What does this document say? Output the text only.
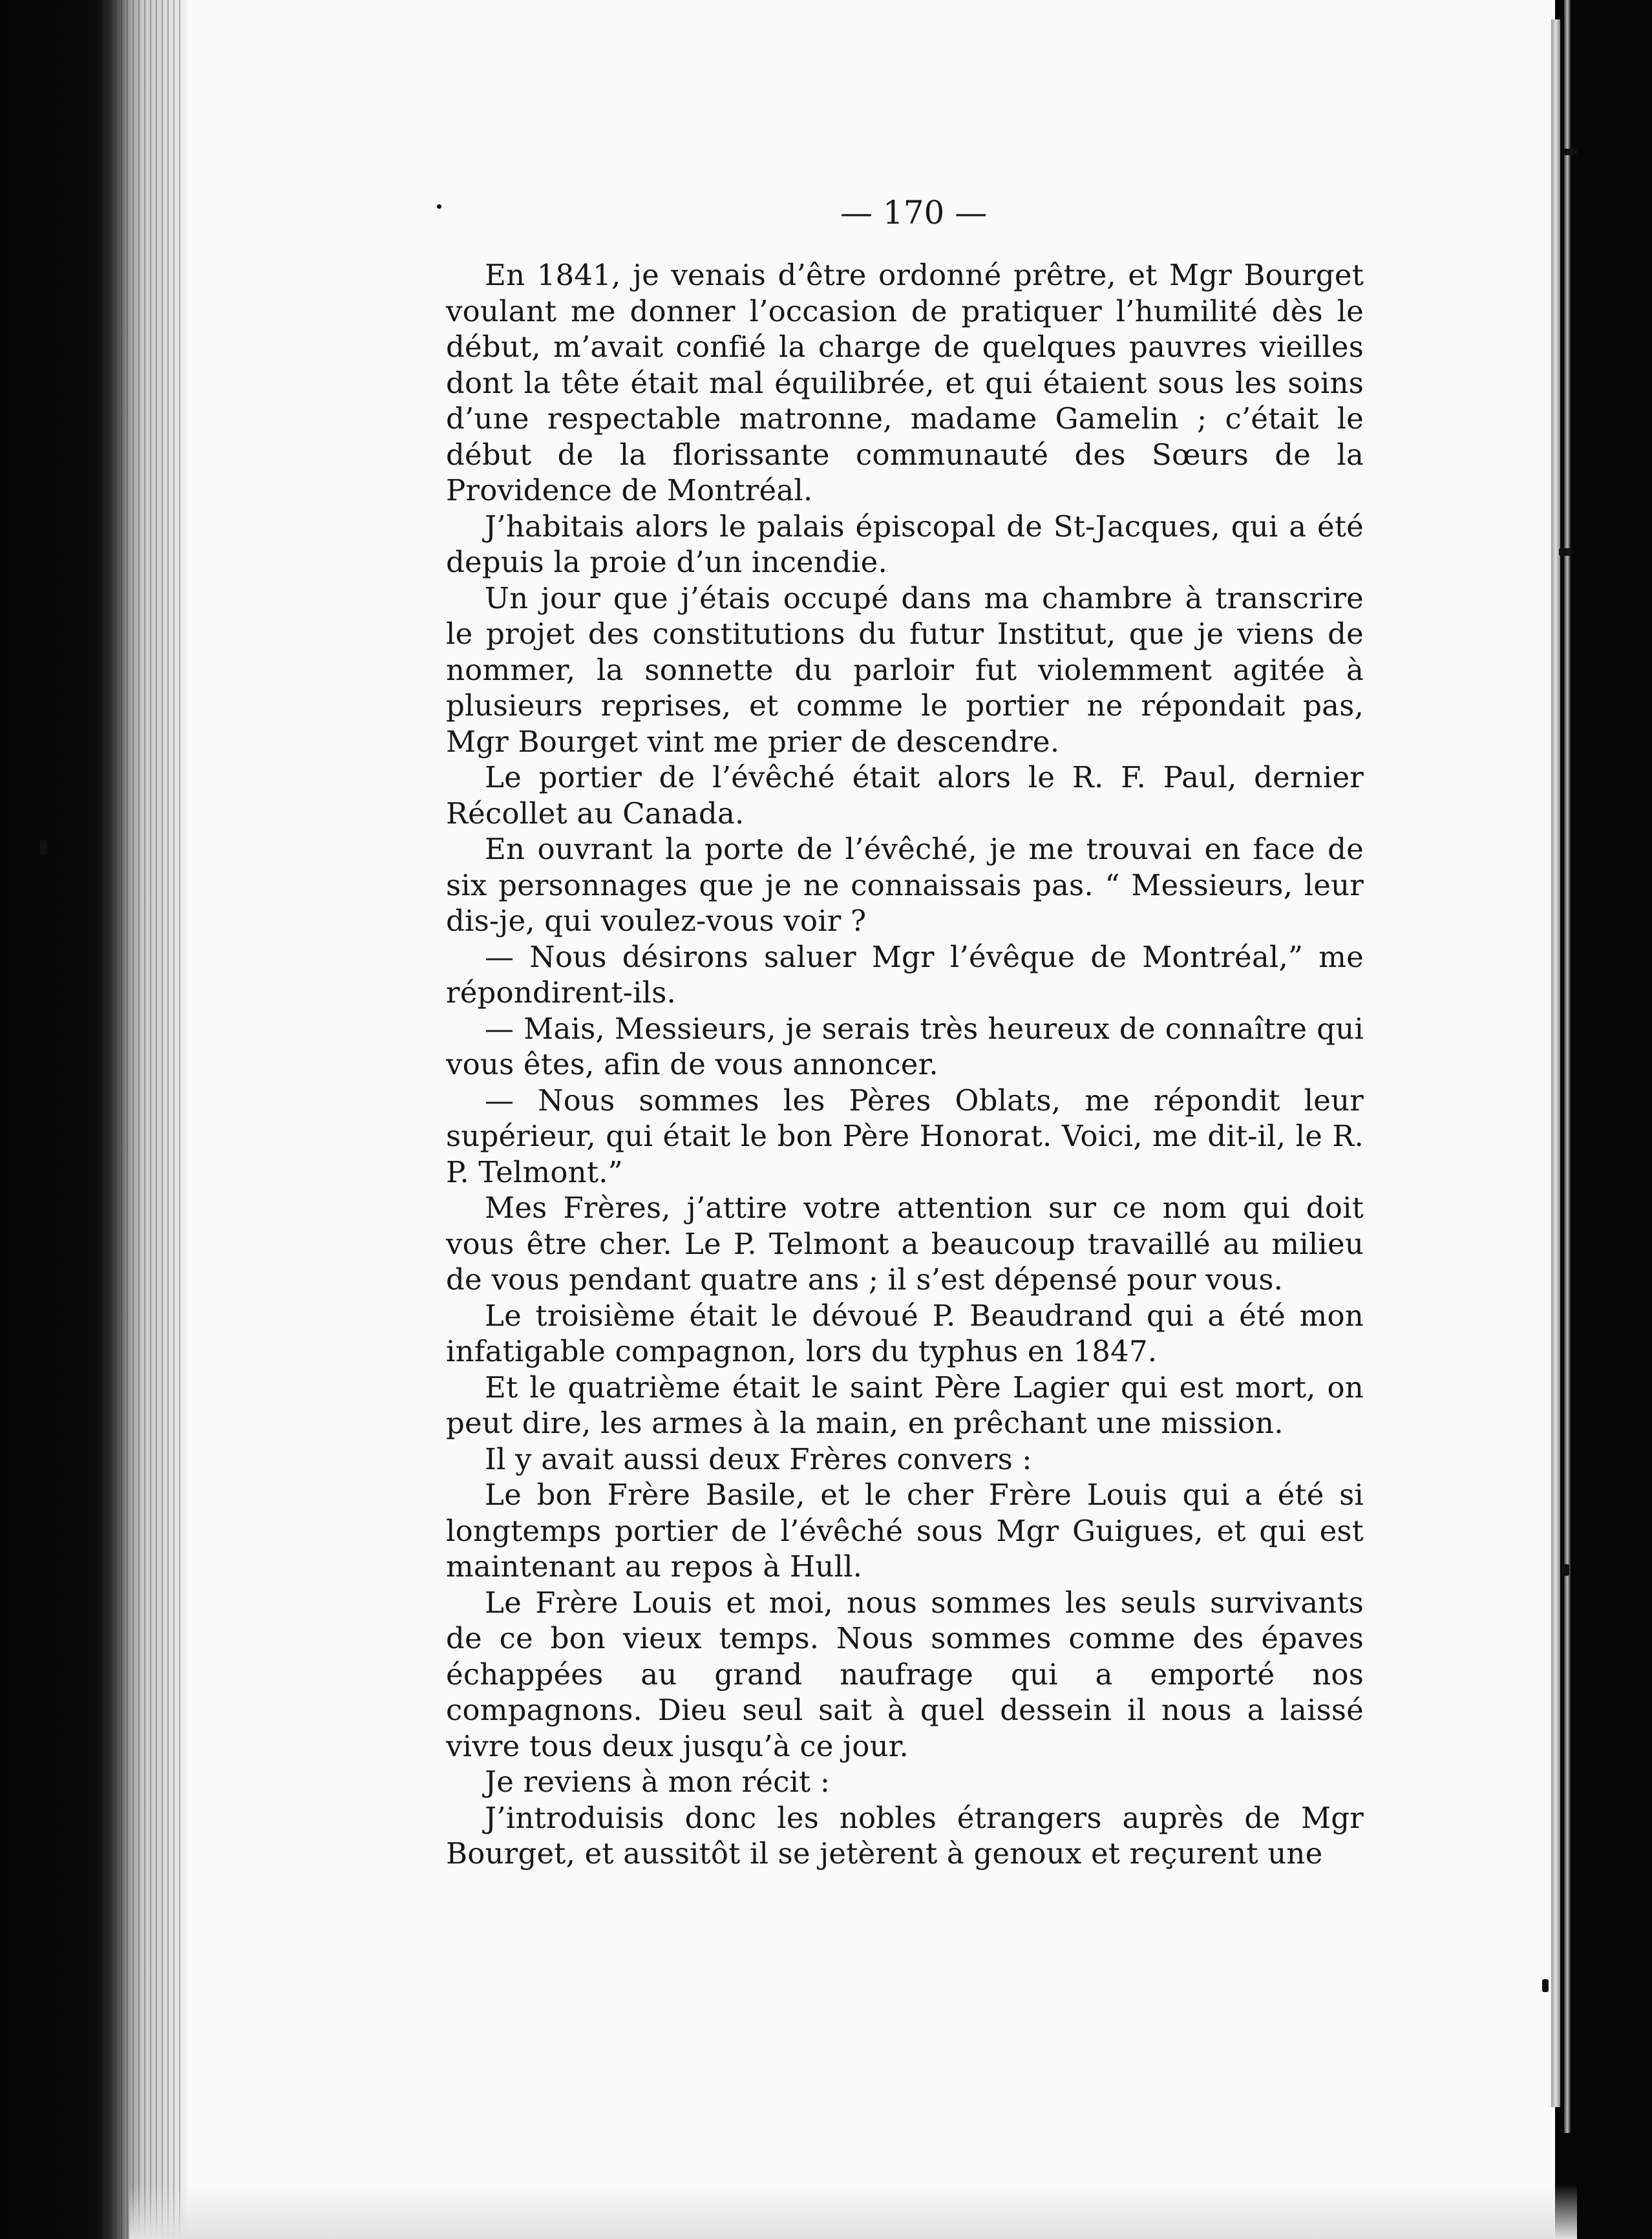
— 170 —

En 1841, je venais d’être ordonné prêtre, et Mgr Bourget voulant me donner l’occasion de pratiquer l’humilité dès le début, m’avait confié la charge de quelques pauvres vieilles dont la tête était mal équilibrée, et qui étaient sous les soins d’une respectable matronne, madame Gamelin ; c’était le début de la florissante communauté des Sœurs de la Providence de Montréal.

J’habitais alors le palais épiscopal de St-Jacques, qui a été depuis la proie d’un incendie.

Un jour que j’étais occupé dans ma chambre à transcrire le projet des constitutions du futur Institut, que je viens de nommer, la sonnette du parloir fut violemment agitée à plusieurs reprises, et comme le portier ne répondait pas, Mgr Bourget vint me prier de descendre.

Le portier de l’évêché était alors le R. F. Paul, dernier Récollet au Canada.

En ouvrant la porte de l’évêché, je me trouvai en face de six personnages que je ne connaissais pas. “ Messieurs, leur dis-je, qui voulez-vous voir ?

— Nous désirons saluer Mgr l’évêque de Montréal,” me répondirent-ils.

— Mais, Messieurs, je serais très heureux de connaître qui vous êtes, afin de vous annoncer.

— Nous sommes les Pères Oblats, me répondit leur supérieur, qui était le bon Père Honorat. Voici, me dit-il, le R. P. Telmont.”

Mes Frères, j’attire votre attention sur ce nom qui doit vous être cher. Le P. Telmont a beaucoup travaillé au milieu de vous pendant quatre ans ; il s’est dépensé pour vous.

Le troisième était le dévoué P. Beaudrand qui a été mon infatigable compagnon, lors du typhus en 1847.

Et le quatrième était le saint Père Lagier qui est mort, on peut dire, les armes à la main, en prêchant une mission.

Il y avait aussi deux Frères convers :

Le bon Frère Basile, et le cher Frère Louis qui a été si longtemps portier de l’évêché sous Mgr Guigues, et qui est maintenant au repos à Hull.

Le Frère Louis et moi, nous sommes les seuls survivants de ce bon vieux temps. Nous sommes comme des épaves échappées au grand naufrage qui a emporté nos compagnons. Dieu seul sait à quel dessein il nous a laissé vivre tous deux jusqu’à ce jour.

Je reviens à mon récit :

J’introduisis donc les nobles étrangers auprès de Mgr Bourget, et aussitôt il se jetèrent à genoux et reçurent une
